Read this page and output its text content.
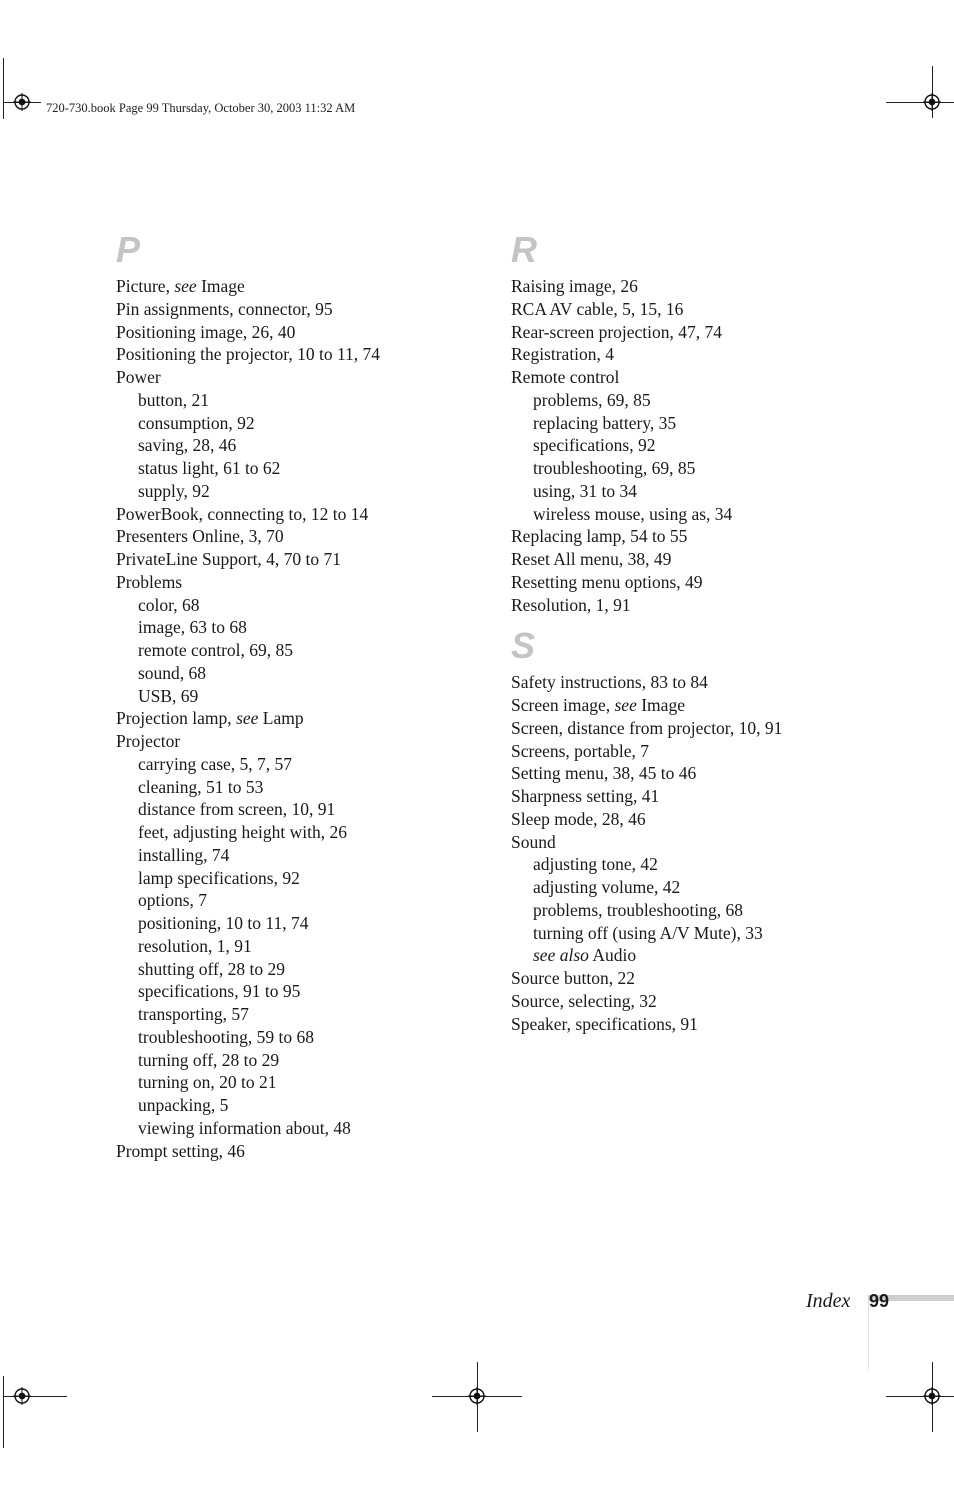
720-730.book Page 99 Thursday, October 30, 2003 11:32 AM
P
Picture, see Image
Pin assignments, connector, 95
Positioning image, 26, 40
Positioning the projector, 10 to 11, 74
Power
button, 21
consumption, 92
saving, 28, 46
status light, 61 to 62
supply, 92
PowerBook, connecting to, 12 to 14
Presenters Online, 3, 70
PrivateLine Support, 4, 70 to 71
Problems
color, 68
image, 63 to 68
remote control, 69, 85
sound, 68
USB, 69
Projection lamp, see Lamp
Projector
carrying case, 5, 7, 57
cleaning, 51 to 53
distance from screen, 10, 91
feet, adjusting height with, 26
installing, 74
lamp specifications, 92
options, 7
positioning, 10 to 11, 74
resolution, 1, 91
shutting off, 28 to 29
specifications, 91 to 95
transporting, 57
troubleshooting, 59 to 68
turning off, 28 to 29
turning on, 20 to 21
unpacking, 5
viewing information about, 48
Prompt setting, 46
R
Raising image, 26
RCA AV cable, 5, 15, 16
Rear-screen projection, 47, 74
Registration, 4
Remote control
problems, 69, 85
replacing battery, 35
specifications, 92
troubleshooting, 69, 85
using, 31 to 34
wireless mouse, using as, 34
Replacing lamp, 54 to 55
Reset All menu, 38, 49
Resetting menu options, 49
Resolution, 1, 91
S
Safety instructions, 83 to 84
Screen image, see Image
Screen, distance from projector, 10, 91
Screens, portable, 7
Setting menu, 38, 45 to 46
Sharpness setting, 41
Sleep mode, 28, 46
Sound
adjusting tone, 42
adjusting volume, 42
problems, troubleshooting, 68
turning off (using A/V Mute), 33
see also Audio
Source button, 22
Source, selecting, 32
Speaker, specifications, 91
Index 99
